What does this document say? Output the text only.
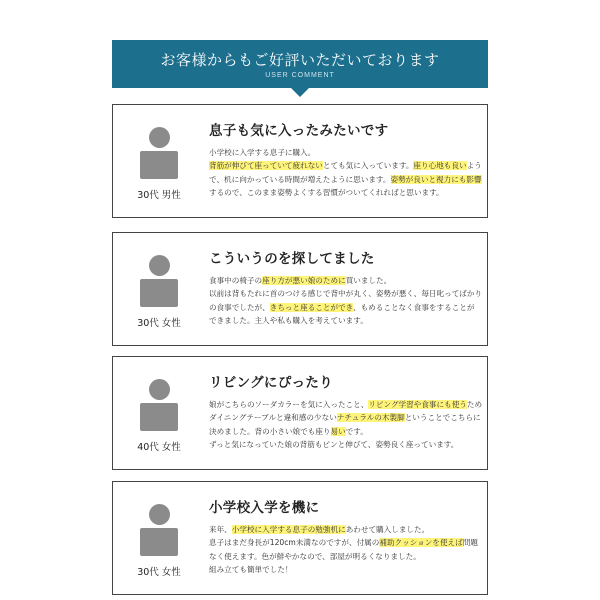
お客様からもご好評いただいております
USER COMMENT
30代 男性
息子も気に入ったみたいです
小学校に入学する息子に購入。
背筋が伸びて座っていて疲れないとても気に入っています。座り心地も良いよう
で、机に向かっている時間が増えたように思います。姿勢が良いと視力にも影響
するので、このまま姿勢よくする習慣がついてくれればと思います。
30代 女性
こういうのを探してました
食事中の椅子の座り方が悪い娘のために買いました。
以前は背もたれに首のつける感じで背中が丸く、姿勢が悪く、毎日叱ってばかり
の食事でしたが、きちっと座ることができ、もめることなく食事をすることが
できました。主人や私も購入を考えています。
40代 女性
リビングにぴったり
娘がこちらのソーダカラーを気に入ったこと、リビング学習や食事にも使うため
ダイニングテーブルと違和感の少ないナチュラルの木製脚ということでこちらに
決めました。背の小さい娘でも座り易いです。
ずっと気になっていた娘の背筋もピンと伸びて、姿勢良く座っています。
30代 女性
小学校入学を機に
来年、小学校に入学する息子の勉強机にあわせて購入しました。
息子はまだ身長が120cm未満なのですが、付属の補助クッションを使えば問題
なく使えます。色が鮮やかなので、部屋が明るくなりました。
組み立ても簡単でした！
